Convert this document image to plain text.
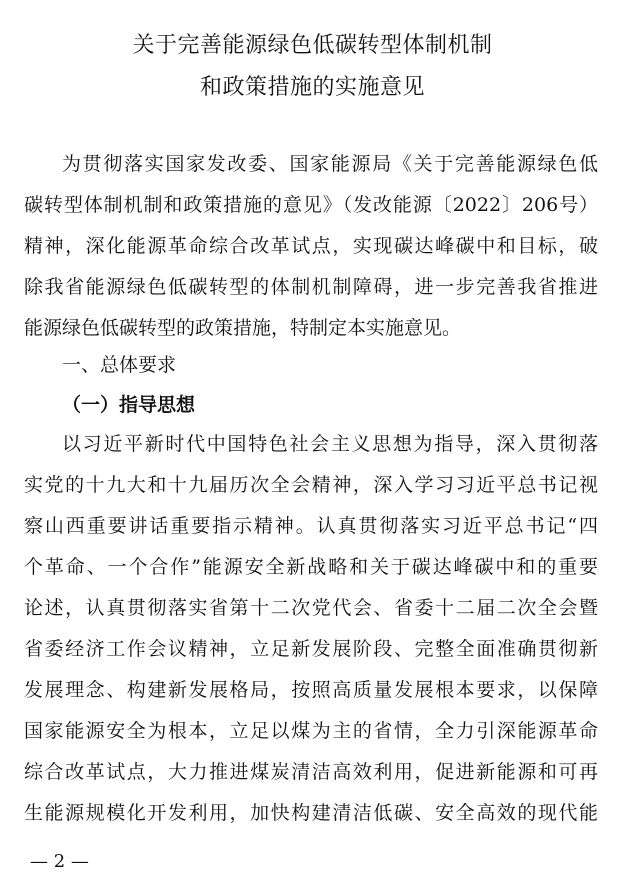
关于完善能源绿色低碳转型体制机制
和政策措施的实施意见
为贯彻落实国家发改委、国家能源局《关于完善能源绿色低
碳转型体制机制和政策措施的意见》（发改能源〔2022〕206号）
精神，深化能源革命综合改革试点，实现碳达峰碳中和目标，破
除我省能源绿色低碳转型的体制机制障碍，进一步完善我省推进
能源绿色低碳转型的政策措施，特制定本实施意见。
一、总体要求
（一）指导思想
以习近平新时代中国特色社会主义思想为指导，深入贯彻落
实党的十九大和十九届历次全会精神，深入学习习近平总书记视
察山西重要讲话重要指示精神。认真贯彻落实习近平总书记“四
个革命、一个合作”能源安全新战略和关于碳达峰碳中和的重要
论述，认真贯彻落实省第十二次党代会、省委十二届二次全会暨
省委经济工作会议精神，立足新发展阶段、完整全面准确贯彻新
发展理念、构建新发展格局，按照高质量发展根本要求，以保障
国家能源安全为根本，立足以煤为主的省情，全力引深能源革命
综合改革试点，大力推进煤炭清洁高效利用，促进新能源和可再
生能源规模化开发利用，加快构建清洁低碳、安全高效的现代能
— 2 —
